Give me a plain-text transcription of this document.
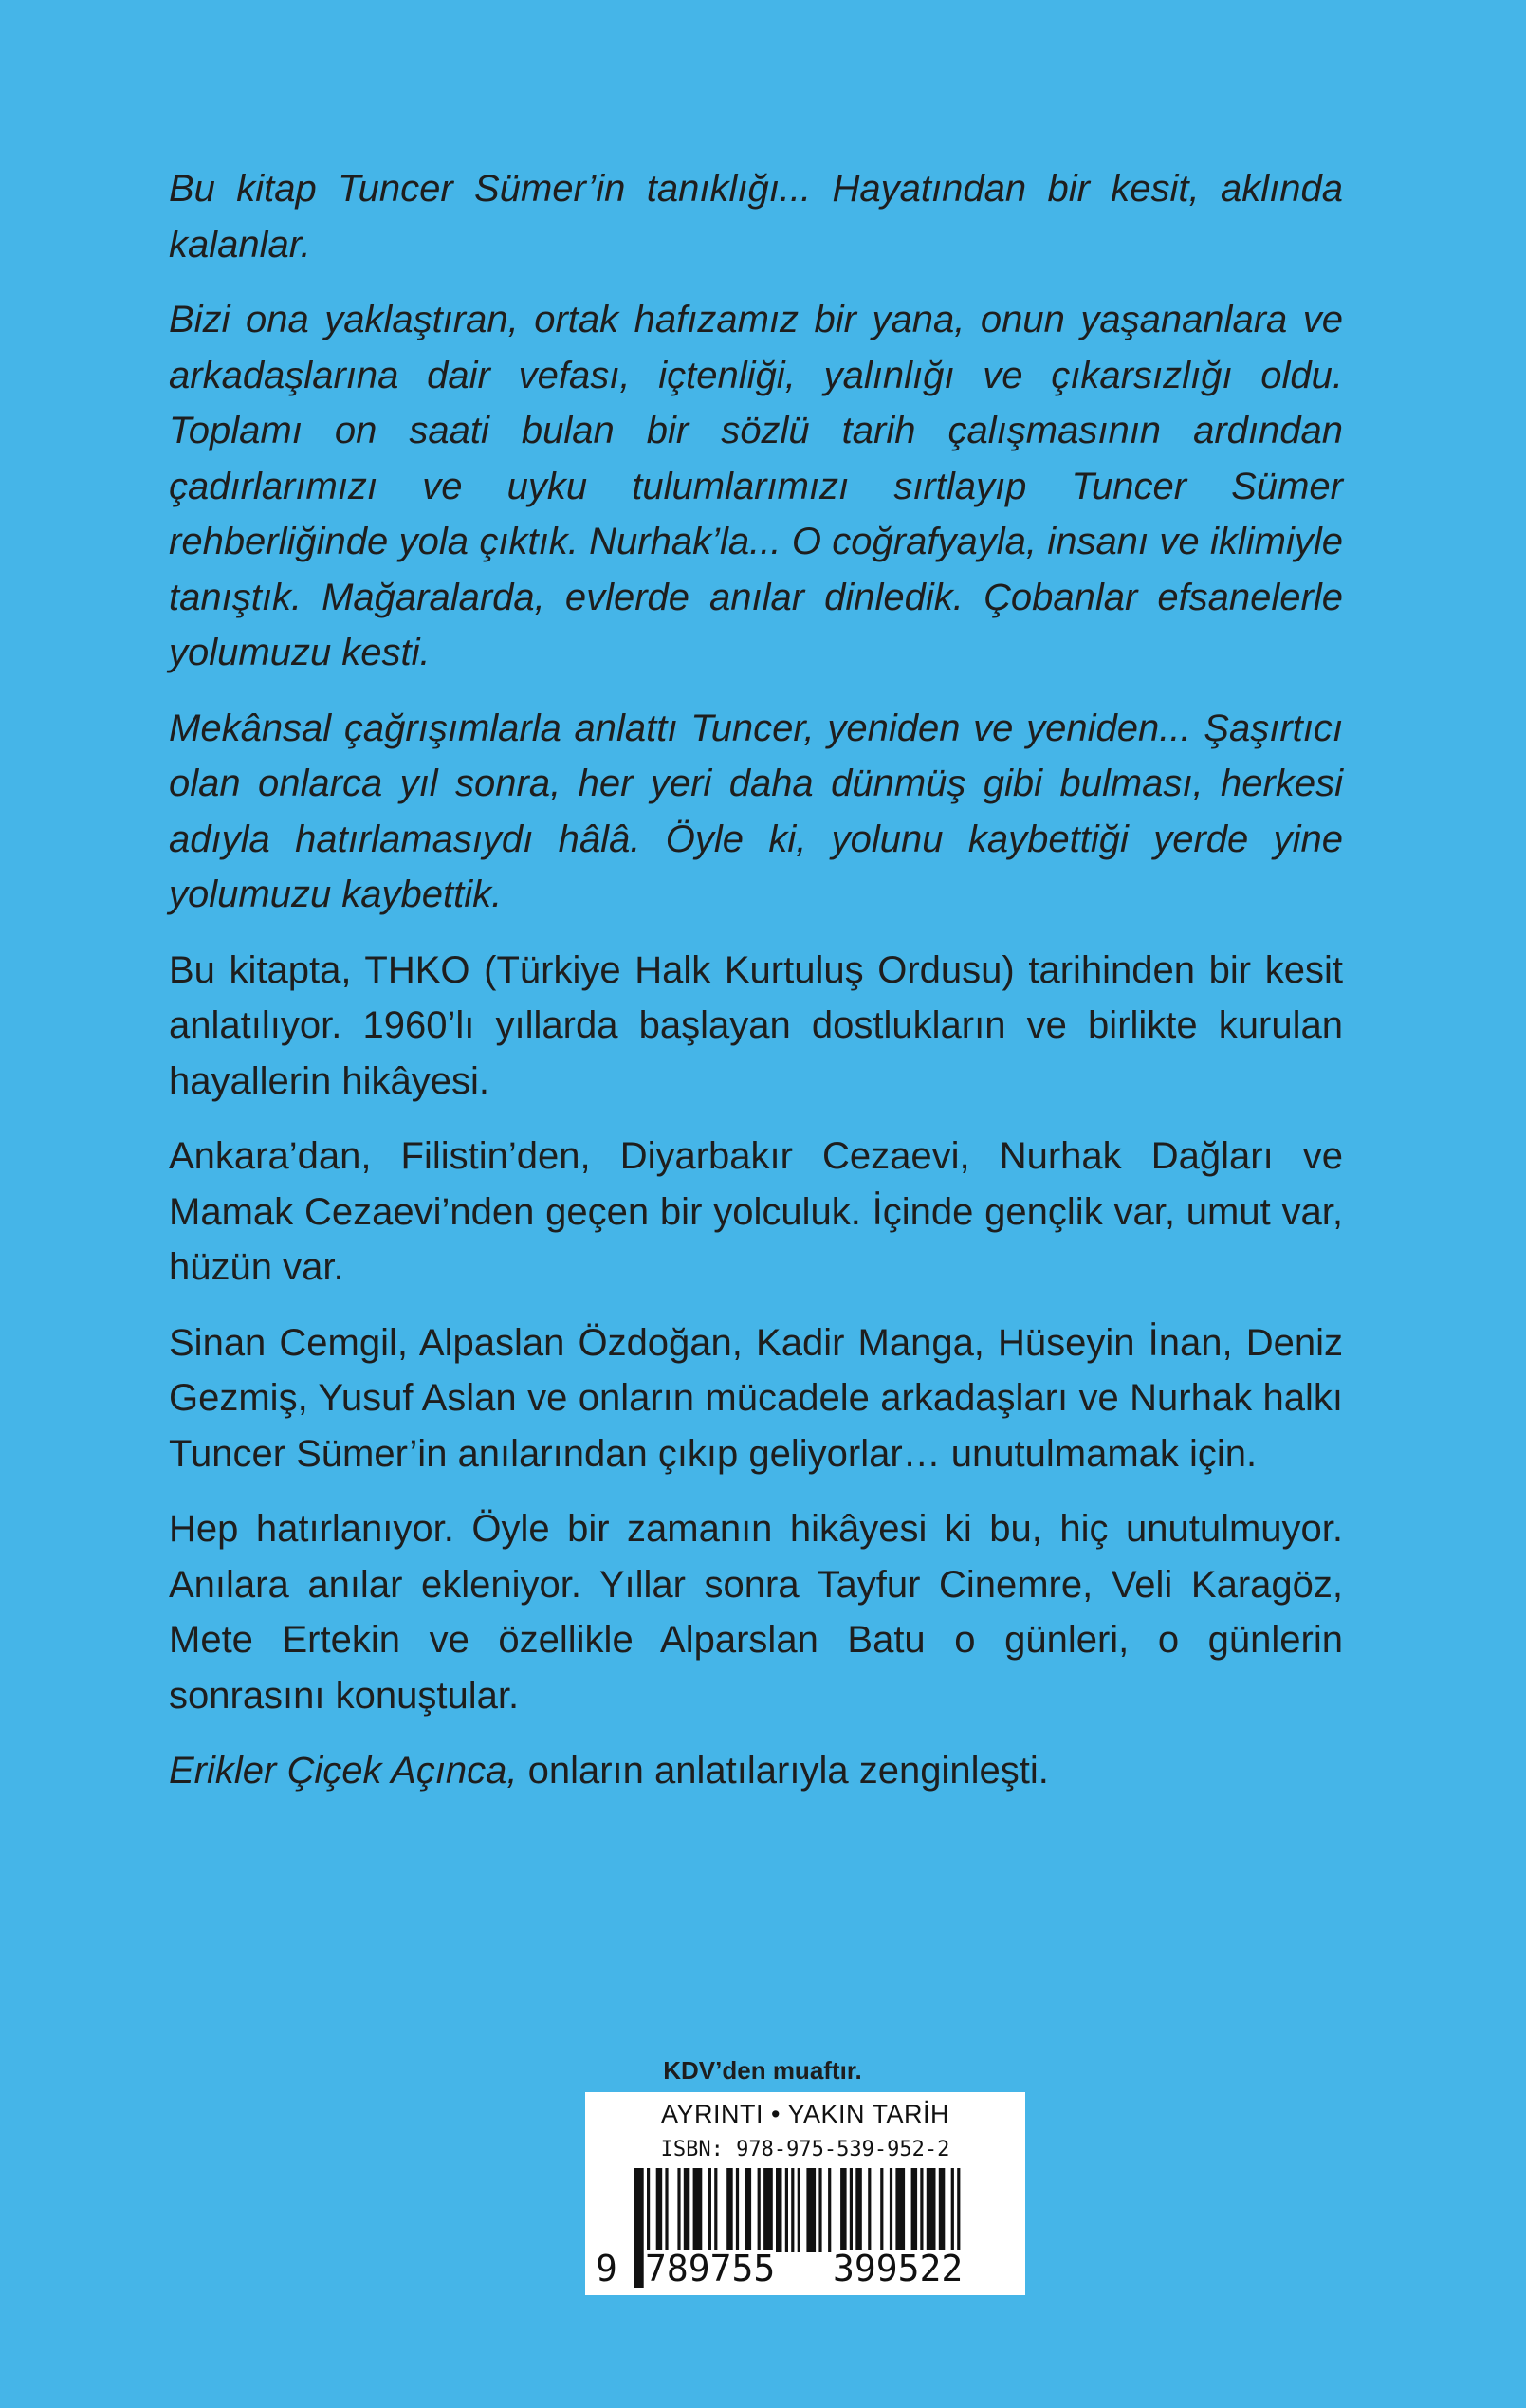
Bu kitap Tuncer Sümer’in tanıklığı... Hayatından bir kesit, aklında kalanlar.

Bizi ona yaklaştıran, ortak hafızamız bir yana, onun yaşananlara ve arkadaşlarına dair vefası, içtenliği, yalınlığı ve çıkarsızlığı oldu. Toplamı on saati bulan bir sözlü tarih çalışmasının ardından çadırlarımızı ve uyku tulumlarımızı sırtlayıp Tuncer Sümer rehberliğinde yola çıktık. Nurhak’la... O coğrafyayla, insanı ve iklimiyle tanıştık. Mağaralarda, evlerde anılar dinledik. Çobanlar efsanelerle yolumuzu kesti.

Mekânsal çağrışımlarla anlattı Tuncer, yeniden ve yeniden... Şaşırtıcı olan onlarca yıl sonra, her yeri daha dünmüş gibi bulması, herkesi adıyla hatırlamasıydı hâlâ. Öyle ki, yolunu kaybettiği yerde yine yolumuzu kaybettik.

Bu kitapta, THKO (Türkiye Halk Kurtuluş Ordusu) tarihinden bir kesit anlatılıyor. 1960’lı yıllarda başlayan dostlukların ve birlikte kurulan hayallerin hikâyesi.

Ankara’dan, Filistin’den, Diyarbakır Cezaevi, Nurhak Dağları ve Mamak Cezaevi’nden geçen bir yolculuk. İçinde gençlik var, umut var, hüzün var.

Sinan Cemgil, Alpaslan Özdoğan, Kadir Manga, Hüseyin İnan, Deniz Gezmiş, Yusuf Aslan ve onların mücadele arkadaşları ve Nurhak halkı Tuncer Sümer’in anılarından çıkıp geliyorlar… unutulmamak için.

Hep hatırlanıyor. Öyle bir zamanın hikâyesi ki bu, hiç unutulmuyor. Anılara anılar ekleniyor. Yıllar sonra Tayfur Cinemre, Veli Karagöz, Mete Ertekin ve özellikle Alparslan Batu o günleri, o günlerin sonrasını konuştular.

Erikler Çiçek Açınca, onların anlatılarıyla zenginleşti.

KDV’den muaftır.
AYRINTI • YAKIN TARİH
ISBN: 978-975-539-952-2
9 789755 399522
